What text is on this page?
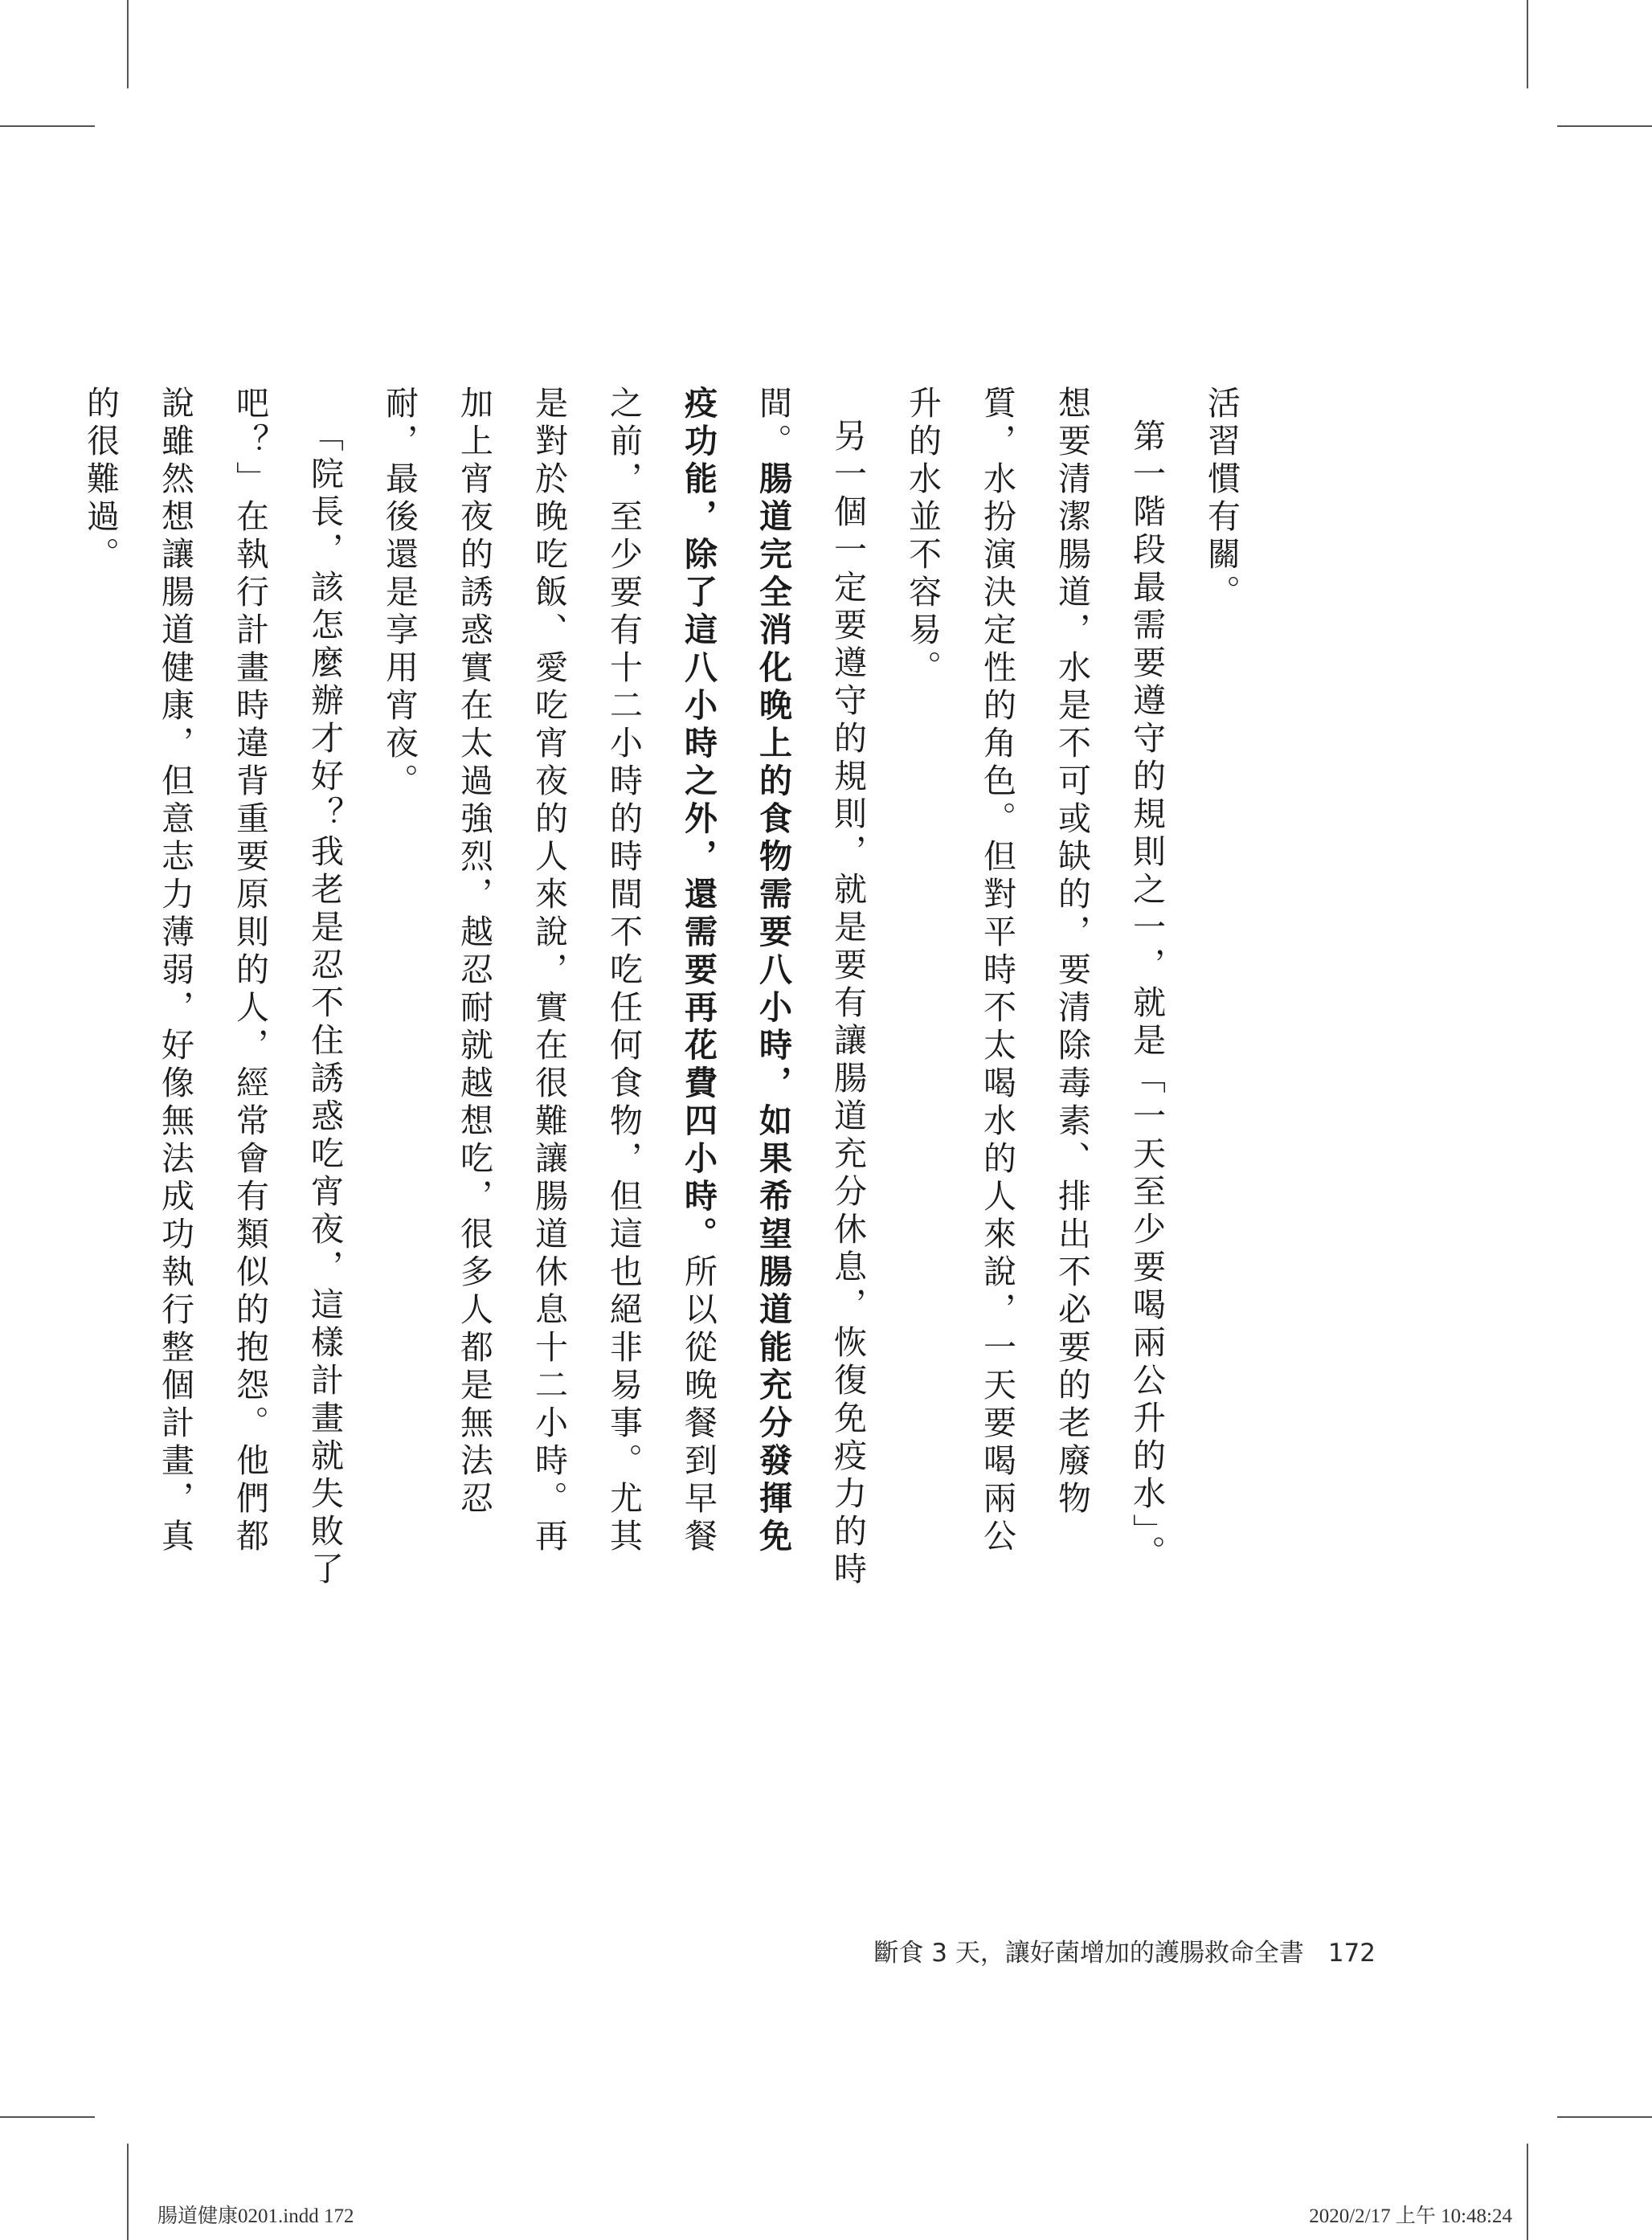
活習慣有關。

第一階段最需要遵守的規則之一，就是「一天至少要喝兩公升的水」。想要清潔腸道，水是不可或缺的，要清除毒素、排出不必要的老廢物質，水扮演決定性的角色。但對平時不太喝水的人來說，一天要喝兩公升的水並不容易。

另一個一定要遵守的規則，就是要有讓腸道充分休息，恢復免疫力的時間。腸道完全消化晚上的食物需要八小時，如果希望腸道能充分發揮免疫功能，除了這八小時之外，還需要再花費四小時。所以從晚餐到早餐之前，至少要有十二小時的時間不吃任何食物，但這也絕非易事。尤其是對於晚吃飯、愛吃宵夜的人來說，實在很難讓腸道休息十二小時。再加上宵夜的誘惑實在太過強烈，越忍耐就越想吃，很多人都是無法忍耐，最後還是享用宵夜。

「院長，該怎麼辦才好？我老是忍不住誘惑吃宵夜，這樣計畫就失敗了吧？」在執行計畫時違背重要原則的人，經常會有類似的抱怨。他們都說雖然想讓腸道健康，但意志力薄弱，好像無法成功執行整個計畫，真的很難過。

斷食 3 天，讓好菌增加的護腸救命全書 172
腸道健康0201.indd 172	2020/2/17 上午 10:48:24
